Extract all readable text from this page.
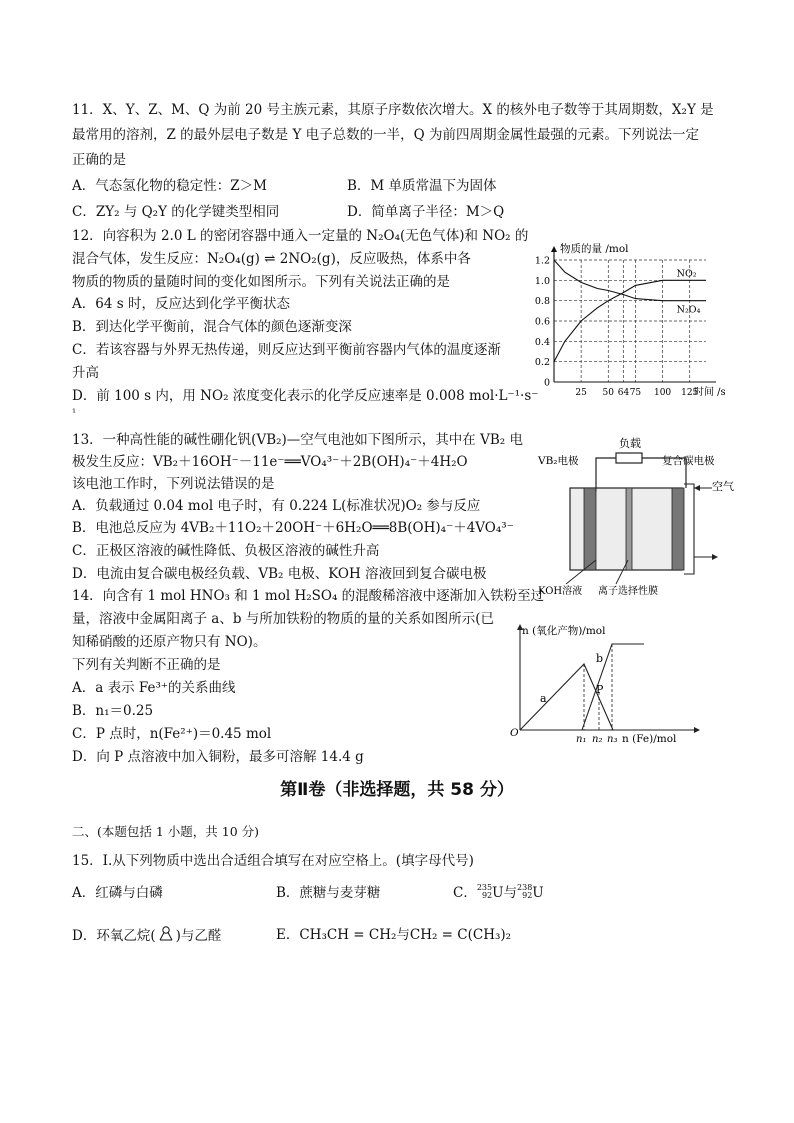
11．X、Y、Z、M、Q 为前 20 号主族元素，其原子序数依次增大。X 的核外电子数等于其周期数，X₂Y 是
最常用的溶剂，Z 的最外层电子数是 Y 电子总数的一半，Q 为前四周期金属性最强的元素。下列说法一定
正确的是
A．气态氢化物的稳定性：Z＞M	B．M 单质常温下为固体
C．ZY₂ 与 Q₂Y 的化学键类型相同	D．简单离子半径：M＞Q
12．向容积为 2.0 L 的密闭容器中通入一定量的 N₂O₄(无色气体)和 NO₂ 的
混合气体，发生反应：N₂O₄(g) ⇌ 2NO₂(g)，反应吸热，体系中各
物质的物质的量随时间的变化如图所示。下列有关说法正确的是
A．64 s 时，反应达到化学平衡状态
B．到达化学平衡前，混合气体的颜色逐渐变深
C．若该容器与外界无热传递，则反应达到平衡前容器内气体的温度逐渐
升高
D．前 100 s 内，用 NO₂ 浓度变化表示的化学反应速率是 0.008 mol·L⁻¹·s⁻
¹
0
0.2
0.4
0.6
0.8
1.0
1.2
25 50 64 75 100 125
物质的量 /mol
时间 /s
NO₂
N₂O₄
13．一种高性能的碱性硼化钒(VB₂)—空气电池如下图所示，其中在 VB₂ 电
极发生反应：VB₂＋16OH⁻－11e⁻══VO₄³⁻＋2B(OH)₄⁻＋4H₂O
该电池工作时，下列说法错误的是
A．负载通过 0.04 mol 电子时，有 0.224 L(标准状况)O₂ 参与反应
B．电池总反应为 4VB₂＋11O₂＋20OH⁻＋6H₂O══8B(OH)₄⁻＋4VO₄³⁻
C．正极区溶液的碱性降低、负极区溶液的碱性升高
D．电流由复合碳电极经负载、VB₂ 电极、KOH 溶液回到复合碳电极
负载
VB₂电极	复合碳电极
空气
KOH溶液 离子选择性膜
14．向含有 1 mol HNO₃ 和 1 mol H₂SO₄ 的混酸稀溶液中逐渐加入铁粉至过
量，溶液中金属阳离子 a、b 与所加铁粉的物质的量的关系如图所示(已
知稀硝酸的还原产物只有 NO)。
下列有关判断不正确的是
A．a 表示 Fe³⁺的关系曲线
B．n₁＝0.25
C．P 点时，n(Fe²⁺)＝0.45 mol
D．向 P 点溶液中加入铜粉，最多可溶解 14.4 g
n (氧化产物)/mol
n (Fe)/mol
O
a
b
P
n₁ n₂ n₃
第Ⅱ卷（非选择题，共 58 分）
二、(本题包括 1 小题，共 10 分)
15．Ⅰ.从下列物质中选出合适组合填写在对应空格上。(填字母代号)
A．红磷与白磷	B．蔗糖与麦芽糖	C．235
92U与238
92U
D．环氧乙烷( )与乙醛	E．CH₃CH = CH₂与CH₂ = C(CH₃)₂
